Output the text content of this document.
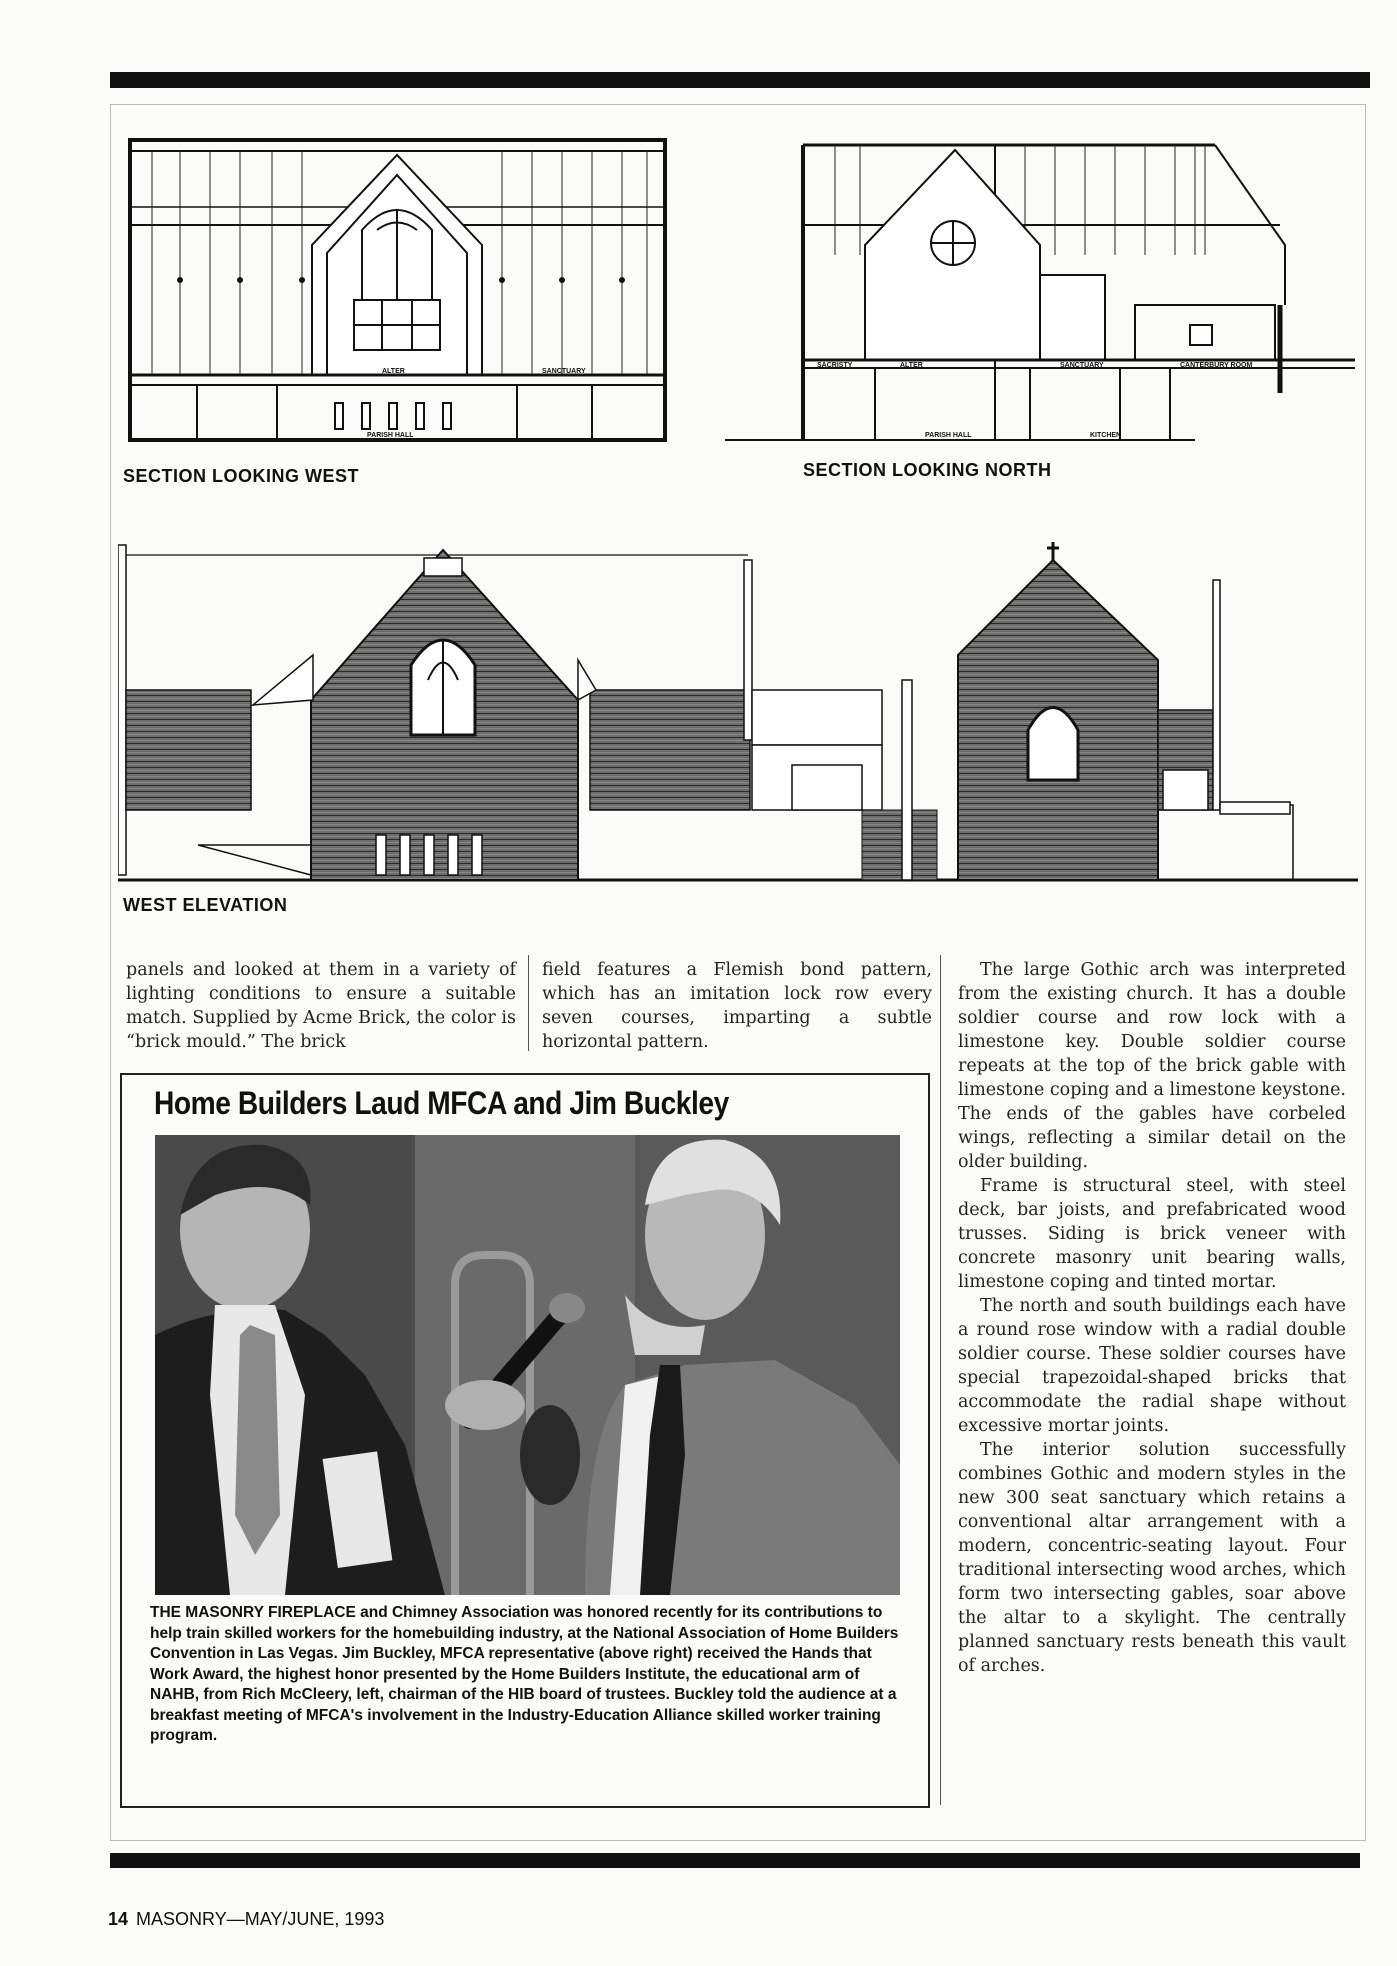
ALTER	SANCTUARY
PARISH HALL
SACRISTY	ALTER	SANCTUARY	CANTERBURY ROOM
PARISH HALL	KITCHEN
SECTION LOOKING WEST	SECTION LOOKING NORTH
WEST ELEVATION
panels and looked at them in a variety of lighting conditions to ensure a suitable match. Supplied by Acme Brick, the color is “brick mould.” The brick
field features a Flemish bond pattern, which has an imitation lock row every seven courses, imparting a subtle horizontal pattern.

The large Gothic arch was interpreted from the existing church. It has a double soldier course and row lock with a limestone key. Double soldier course repeats at the top of the brick gable with limestone coping and a limestone keystone. The ends of the gables have corbeled wings, reflecting a similar detail on the older building.

Frame is structural steel, with steel deck, bar joists, and prefabricated wood trusses. Siding is brick veneer with concrete masonry unit bearing walls, limestone coping and tinted mortar.

The north and south buildings each have a round rose window with a radial double soldier course. These soldier courses have special trapezoidal-shaped bricks that accommodate the radial shape without excessive mortar joints.

The interior solution successfully combines Gothic and modern styles in the new 300 seat sanctuary which retains a conventional altar arrangement with a modern, concentric-seating layout. Four traditional intersecting wood arches, which form two intersecting gables, soar above the altar to a skylight. The centrally planned sanctuary rests beneath this vault of arches.

Home Builders Laud MFCA and Jim Buckley

THE MASONRY FIREPLACE and Chimney Association was honored recently for its contributions to help train skilled workers for the homebuilding industry, at the National Association of Home Builders Convention in Las Vegas. Jim Buckley, MFCA representative (above right) received the Hands that Work Award, the highest honor presented by the Home Builders Institute, the educational arm of NAHB, from Rich McCleery, left, chairman of the HIB board of trustees. Buckley told the audience at a breakfast meeting of MFCA's involvement in the Industry-Education Alliance skilled worker training program.

14 MASONRY—MAY/JUNE, 1993
